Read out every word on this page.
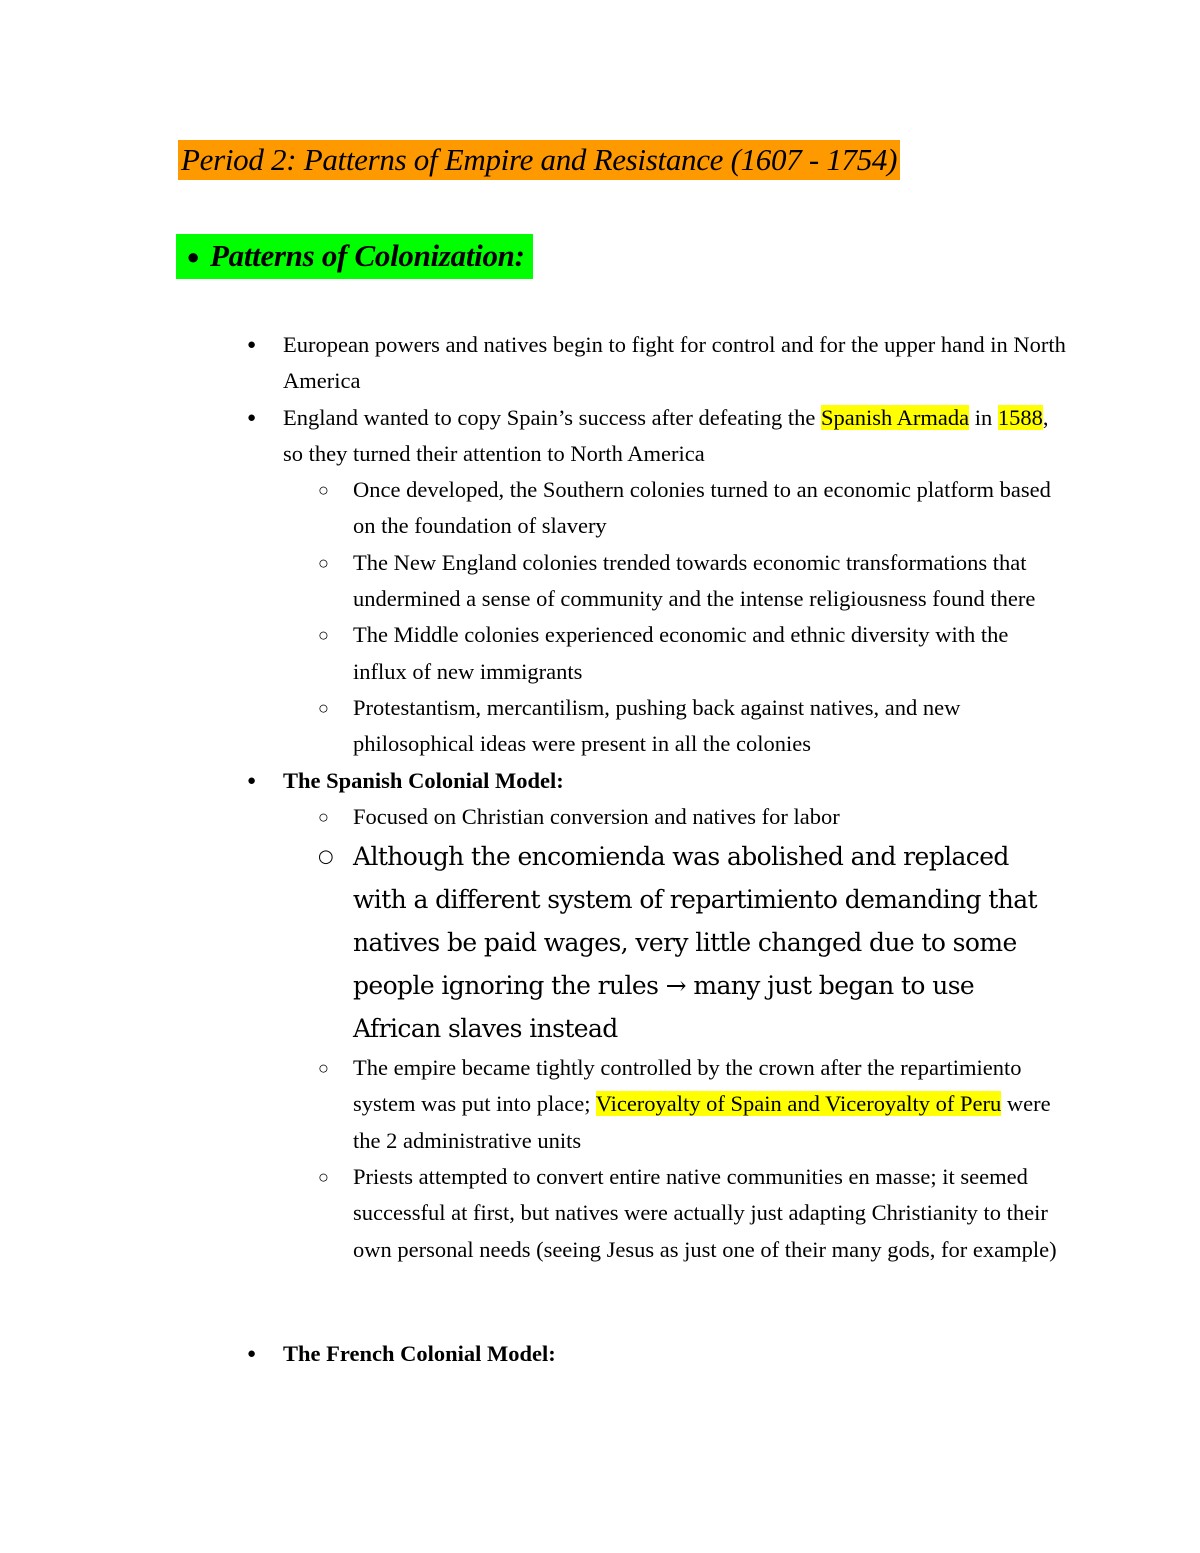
Period 2: Patterns of Empire and Resistance (1607 - 1754)
● Patterns of Colonization:
●	European powers and natives begin to fight for control and for the upper hand in North America
●	England wanted to copy Spain’s success after defeating the Spanish Armada in 1588, so they turned their attention to North America
○ Once developed, the Southern colonies turned to an economic platform based on the foundation of slavery
○ The New England colonies trended towards economic transformations that undermined a sense of community and the intense religiousness found there
○ The Middle colonies experienced economic and ethnic diversity with the influx of new immigrants
○ Protestantism, mercantilism, pushing back against natives, and new philosophical ideas were present in all the colonies
●	The Spanish Colonial Model:
○ Focused on Christian conversion and natives for labor
○ Although the encomienda was abolished and replaced with a different system of repartimiento demanding that natives be paid wages, very little changed due to some people ignoring the rules → many just began to use African slaves instead
○ The empire became tightly controlled by the crown after the repartimiento system was put into place; Viceroyalty of Spain and Viceroyalty of Peru were the 2 administrative units
○ Priests attempted to convert entire native communities en masse; it seemed successful at first, but natives were actually just adapting Christianity to their own personal needs (seeing Jesus as just one of their many gods, for example)
●	The French Colonial Model:
